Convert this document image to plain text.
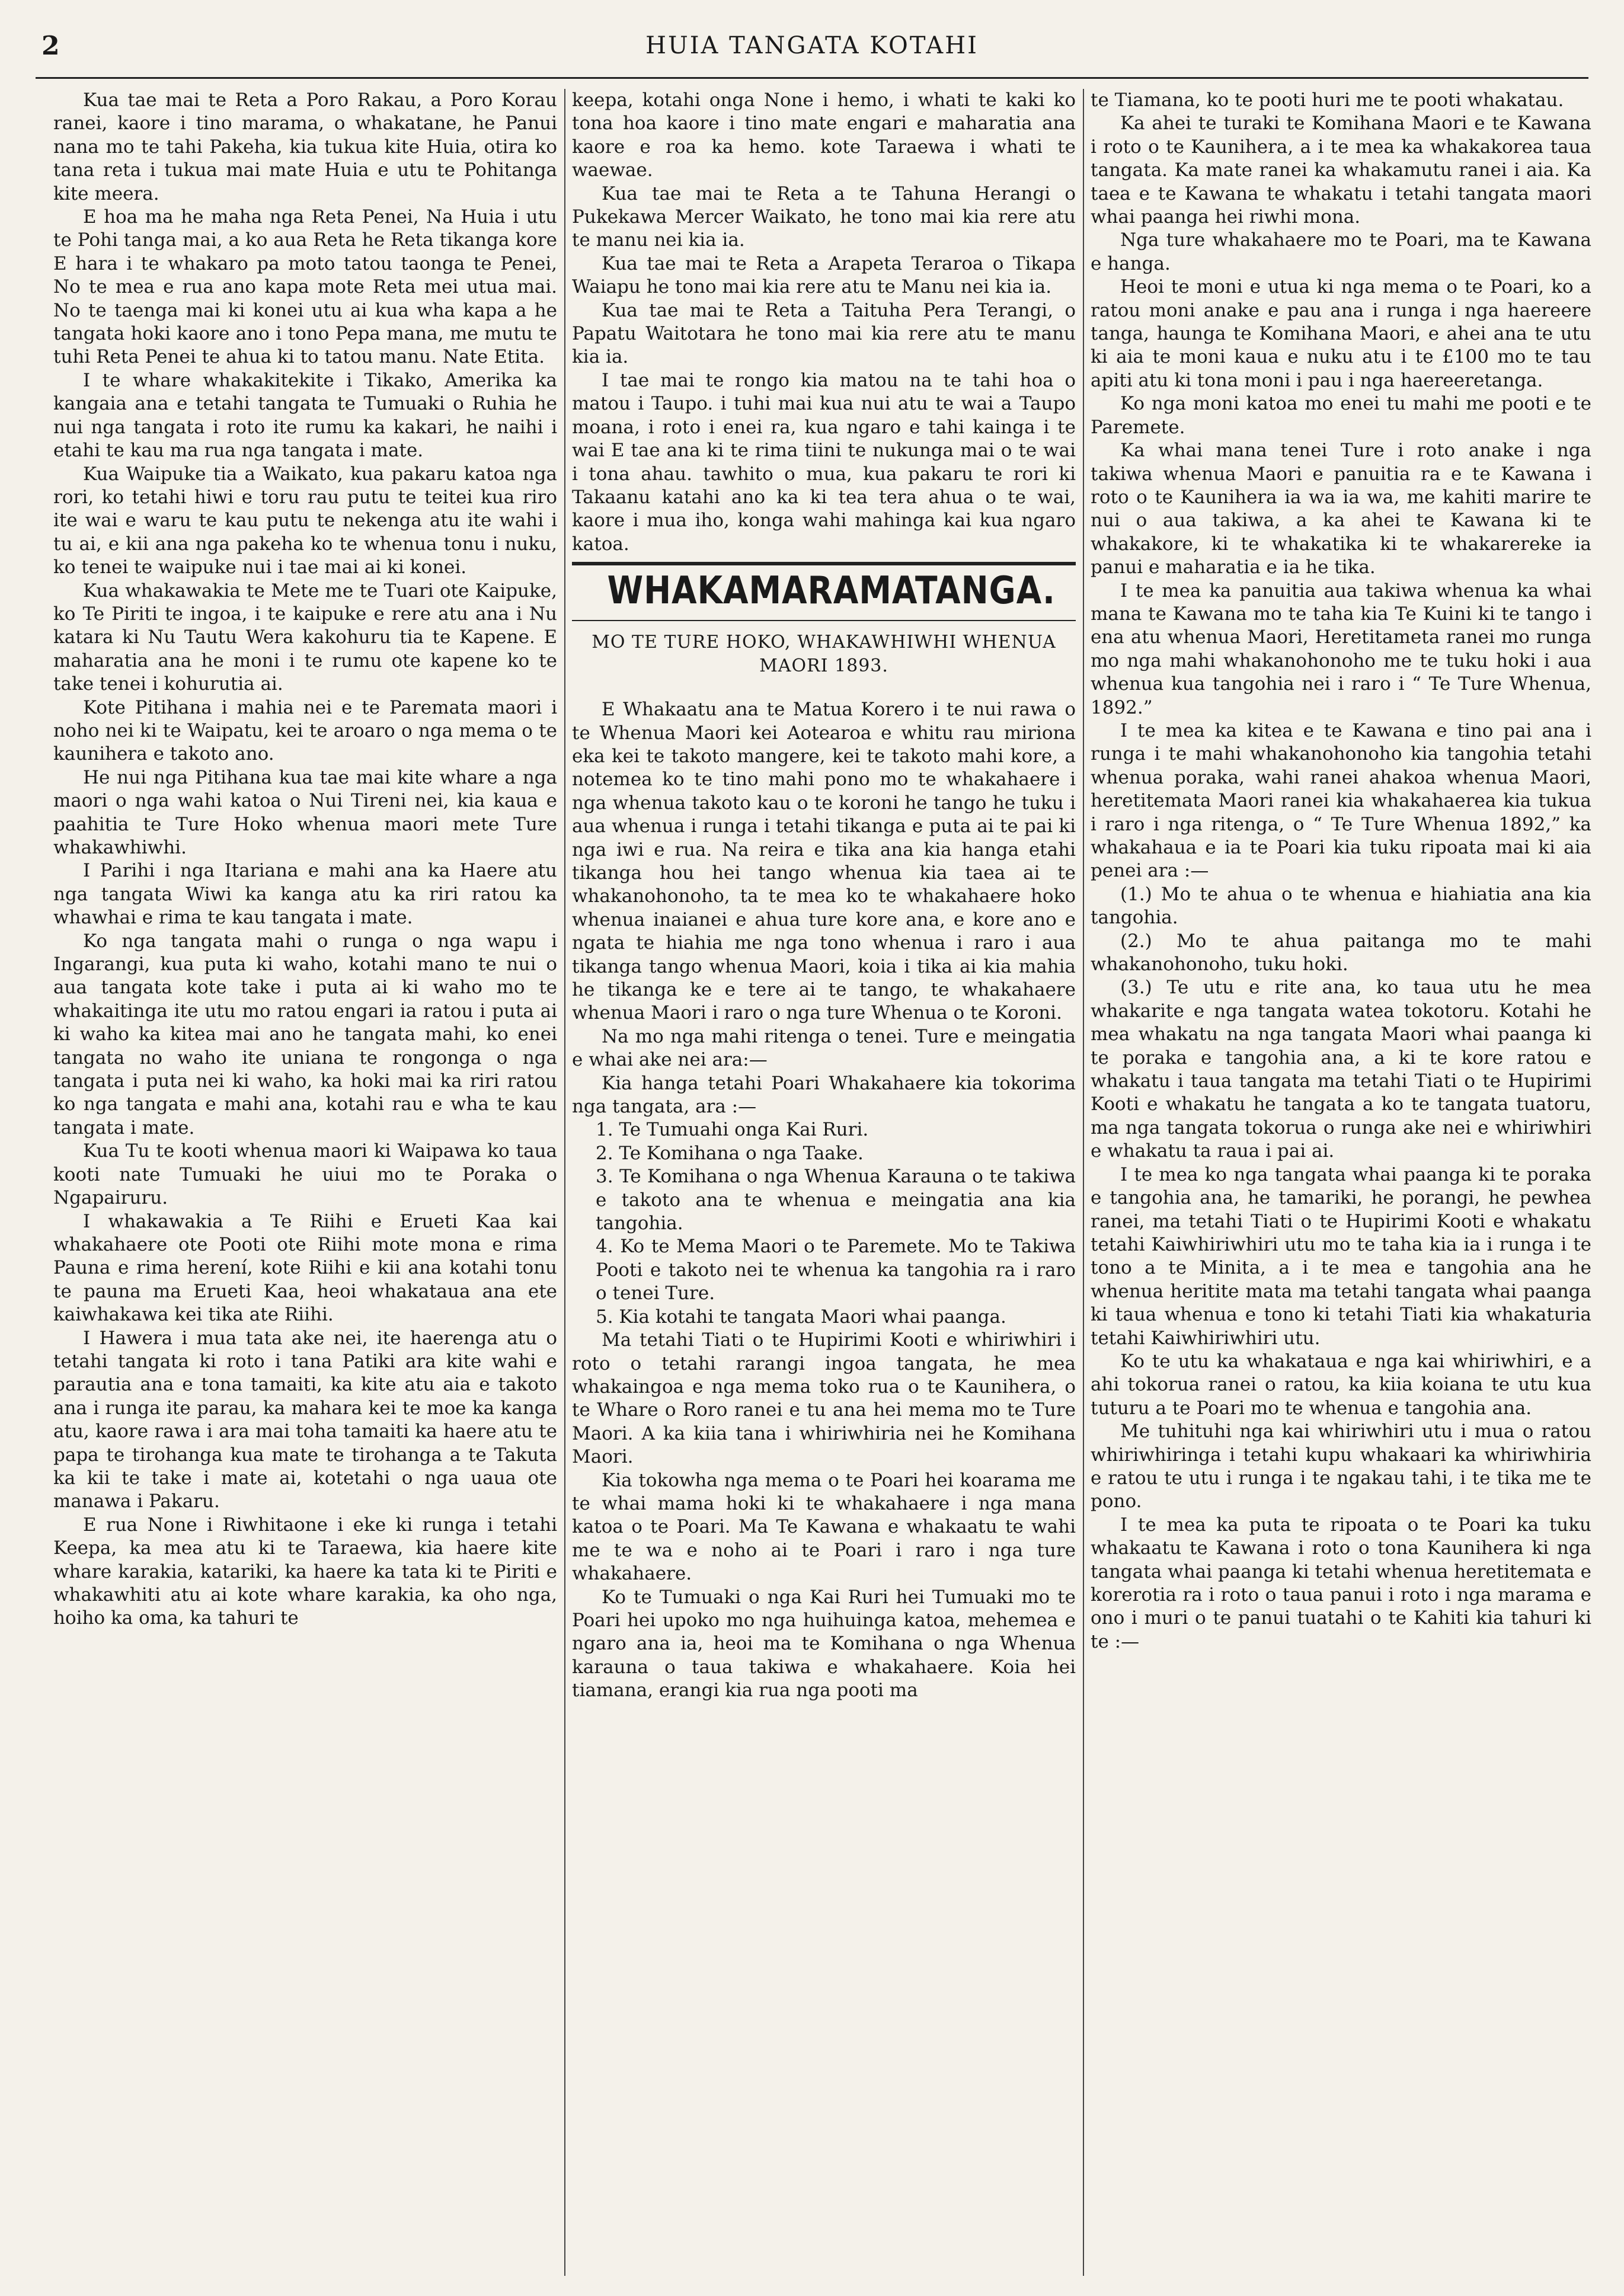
2	HUIA TANGATA KOTAHI

Kua tae mai te Reta a Poro Rakau, a Poro Korau ranei, kaore i tino marama, o whakatane, he Panui nana mo te tahi Pakeha, kia tukua kite Huia, otira ko tana reta i tukua mai mate Huia e utu te Pohitanga kite meera.

E hoa ma he maha nga Reta Penei, Na Huia i utu te Pohi tanga mai, a ko aua Reta he Reta tikanga kore E hara i te whakaro pa moto tatou taonga te Penei, No te mea e rua ano kapa mote Reta mei utua mai. No te taenga mai ki konei utu ai kua wha kapa a he tangata hoki kaore ano i tono Pepa mana, me mutu te tuhi Reta Penei te ahua ki to tatou manu. Nate Etita.

I te whare whakakitekite i Tikako, Amerika ka kangaia ana e tetahi tangata te Tumuaki o Ruhia he nui nga tangata i roto ite rumu ka kakari, he naihi i etahi te kau ma rua nga tangata i mate.

Kua Waipuke tia a Waikato, kua pakaru katoa nga rori, ko tetahi hiwi e toru rau putu te teitei kua riro ite wai e waru te kau putu te nekenga atu ite wahi i tu ai, e kii ana nga pakeha ko te whenua tonu i nuku, ko tenei te waipuke nui i tae mai ai ki konei.

Kua whakawakia te Mete me te Tuari ote Kaipuke, ko Te Piriti te ingoa, i te kaipuke e rere atu ana i Nu katara ki Nu Tautu Wera kakohuru tia te Kapene. E maharatia ana he moni i te rumu ote kapene ko te take tenei i kohurutia ai.

Kote Pitihana i mahia nei e te Paremata maori i noho nei ki te Waipatu, kei te aroaro o nga mema o te kaunihera e takoto ano.

He nui nga Pitihana kua tae mai kite whare a nga maori o nga wahi katoa o Nui Tireni nei, kia kaua e paahitia te Ture Hoko whenua maori mete Ture whakawhiwhi.

I Parihi i nga Itariana e mahi ana ka Haere atu nga tangata Wiwi ka kanga atu ka riri ratou ka whawhai e rima te kau tangata i mate.

Ko nga tangata mahi o runga o nga wapu i Ingarangi, kua puta ki waho, kotahi mano te nui o aua tangata kote take i puta ai ki waho mo te whakaitinga ite utu mo ratou engari ia ratou i puta ai ki waho ka kitea mai ano he tangata mahi, ko enei tangata no waho ite uniana te rongonga o nga tangata i puta nei ki waho, ka hoki mai ka riri ratou ko nga tangata e mahi ana, kotahi rau e wha te kau tangata i mate.

Kua Tu te kooti whenua maori ki Waipawa ko taua kooti nate Tumuaki he uiui mo te Poraka o Ngapairuru.

I whakawakia a Te Riihi e Erueti Kaa kai whakahaere ote Pooti ote Riihi mote mona e rima Pauna e rima herení, kote Riihi e kii ana kotahi tonu te pauna ma Erueti Kaa, heoi whakataua ana ete kaiwhakawa kei tika ate Riihi.

I Hawera i mua tata ake nei, ite haerenga atu o tetahi tangata ki roto i tana Patiki ara kite wahi e parautia ana e tona tamaiti, ka kite atu aia e takoto ana i runga ite parau, ka mahara kei te moe ka kanga atu, kaore rawa i ara mai toha tamaiti ka haere atu te papa te tirohanga kua mate te tirohanga a te Takuta ka kii te take i mate ai, kotetahi o nga uaua ote manawa i Pakaru.

E rua None i Riwhitaone i eke ki runga i tetahi Keepa, ka mea atu ki te Taraewa, kia haere kite whare karakia, katariki, ka haere ka tata ki te Piriti e whakawhiti atu ai kote whare karakia, ka oho nga, hoiho ka oma, ka tahuri te

keepa, kotahi onga None i hemo, i whati te kaki ko tona hoa kaore i tino mate engari e maharatia ana kaore e roa ka hemo. kote Taraewa i whati te waewae.

Kua tae mai te Reta a te Tahuna Herangi o Pukekawa Mercer Waikato, he tono mai kia rere atu te manu nei kia ia.

Kua tae mai te Reta a Arapeta Teraroa o Tikapa Waiapu he tono mai kia rere atu te Manu nei kia ia.

Kua tae mai te Reta a Taituha Pera Terangi, o Papatu Waitotara he tono mai kia rere atu te manu kia ia.

I tae mai te rongo kia matou na te tahi hoa o matou i Taupo. i tuhi mai kua nui atu te wai a Taupo moana, i roto i enei ra, kua ngaro e tahi kainga i te wai E tae ana ki te rima tiini te nukunga mai o te wai i tona ahau. tawhito o mua, kua pakaru te rori ki Takaanu katahi ano ka ki tea tera ahua o te wai, kaore i mua iho, konga wahi mahinga kai kua ngaro katoa.

WHAKAMARAMATANGA.
MO TE TURE HOKO, WHAKAWHIWHI WHENUA MAORI 1893.

E Whakaatu ana te Matua Korero i te nui rawa o te Whenua Maori kei Aotearoa e whitu rau miriona eka kei te takoto mangere, kei te takoto mahi kore, a notemea ko te tino mahi pono mo te whakahaere i nga whenua takoto kau o te koroni he tango he tuku i aua whenua i runga i tetahi tikanga e puta ai te pai ki nga iwi e rua. Na reira e tika ana kia hanga etahi tikanga hou hei tango whenua kia taea ai te whakanohonoho, ta te mea ko te whakahaere hoko whenua inaianei e ahua ture kore ana, e kore ano e ngata te hiahia me nga tono whenua i raro i aua tikanga tango whenua Maori, koia i tika ai kia mahia he tikanga ke e tere ai te tango, te whakahaere whenua Maori i raro o nga ture Whenua o te Koroni.

Na mo nga mahi ritenga o tenei. Ture e meingatia e whai ake nei ara:—

Kia hanga tetahi Poari Whakahaere kia tokorima nga tangata, ara :—

1. Te Tumuahi onga Kai Ruri.

2. Te Komihana o nga Taake.

3. Te Komihana o nga Whenua Karauna o te takiwa e takoto ana te whenua e meingatia ana kia tangohia.

4. Ko te Mema Maori o te Paremete. Mo te Takiwa Pooti e takoto nei te whenua ka tangohia ra i raro o tenei Ture.

5. Kia kotahi te tangata Maori whai paanga.

Ma tetahi Tiati o te Hupirimi Kooti e whiriwhiri i roto o tetahi rarangi ingoa tangata, he mea whakaingoa e nga mema toko rua o te Kaunihera, o te Whare o Roro ranei e tu ana hei mema mo te Ture Maori. A ka kiia tana i whiriwhiria nei he Komihana Maori.

Kia tokowha nga mema o te Poari hei koarama me te whai mama hoki ki te whakahaere i nga mana katoa o te Poari. Ma Te Kawana e whakaatu te wahi me te wa e noho ai te Poari i raro i nga ture whakahaere.

Ko te Tumuaki o nga Kai Ruri hei Tumuaki mo te Poari hei upoko mo nga huihuinga katoa, mehemea e ngaro ana ia, heoi ma te Komihana o nga Whenua karauna o taua takiwa e whakahaere. Koia hei tiamana, erangi kia rua nga pooti ma

te Tiamana, ko te pooti huri me te pooti whakatau.

Ka ahei te turaki te Komihana Maori e te Kawana i roto o te Kaunihera, a i te mea ka whakakorea taua tangata. Ka mate ranei ka whakamutu ranei i aia. Ka taea e te Kawana te whakatu i tetahi tangata maori whai paanga hei riwhi mona.

Nga ture whakahaere mo te Poari, ma te Kawana e hanga.

Heoi te moni e utua ki nga mema o te Poari, ko a ratou moni anake e pau ana i runga i nga haereere tanga, haunga te Komihana Maori, e ahei ana te utu ki aia te moni kaua e nuku atu i te £100 mo te tau apiti atu ki tona moni i pau i nga haereeretanga.

Ko nga moni katoa mo enei tu mahi me pooti e te Paremete.

Ka whai mana tenei Ture i roto anake i nga takiwa whenua Maori e panuitia ra e te Kawana i roto o te Kaunihera ia wa ia wa, me kahiti marire te nui o aua takiwa, a ka ahei te Kawana ki te whakakore, ki te whakatika ki te whakarereke ia panui e maharatia e ia he tika.

I te mea ka panuitia aua takiwa whenua ka whai mana te Kawana mo te taha kia Te Kuini ki te tango i ena atu whenua Maori, Heretitameta ranei mo runga mo nga mahi whakanohonoho me te tuku hoki i aua whenua kua tangohia nei i raro i “ Te Ture Whenua, 1892.”

I te mea ka kitea e te Kawana e tino pai ana i runga i te mahi whakanohonoho kia tangohia tetahi whenua poraka, wahi ranei ahakoa whenua Maori, heretitemata Maori ranei kia whakahaerea kia tukua i raro i nga ritenga, o “ Te Ture Whenua 1892,” ka whakahaua e ia te Poari kia tuku ripoata mai ki aia penei ara :—

(1.) Mo te ahua o te whenua e hiahiatia ana kia tangohia.

(2.) Mo te ahua paitanga mo te mahi whakanohonoho, tuku hoki.

(3.) Te utu e rite ana, ko taua utu he mea whakarite e nga tangata watea tokotoru. Kotahi he mea whakatu na nga tangata Maori whai paanga ki te poraka e tangohia ana, a ki te kore ratou e whakatu i taua tangata ma tetahi Tiati o te Hupirimi Kooti e whakatu he tangata a ko te tangata tuatoru, ma nga tangata tokorua o runga ake nei e whiriwhiri e whakatu ta raua i pai ai.

I te mea ko nga tangata whai paanga ki te poraka e tangohia ana, he tamariki, he porangi, he pewhea ranei, ma tetahi Tiati o te Hupirimi Kooti e whakatu tetahi Kaiwhiriwhiri utu mo te taha kia ia i runga i te tono a te Minita, a i te mea e tangohia ana he whenua heritite mata ma tetahi tangata whai paanga ki taua whenua e tono ki tetahi Tiati kia whakaturia tetahi Kaiwhiriwhiri utu.

Ko te utu ka whakataua e nga kai whiriwhiri, e a ahi tokorua ranei o ratou, ka kiia koiana te utu kua tuturu a te Poari mo te whenua e tangohia ana.

Me tuhituhi nga kai whiriwhiri utu i mua o ratou whiriwhiringa i tetahi kupu whakaari ka whiriwhiria e ratou te utu i runga i te ngakau tahi, i te tika me te pono.

I te mea ka puta te ripoata o te Poari ka tuku whakaatu te Kawana i roto o tona Kaunihera ki nga tangata whai paanga ki tetahi whenua heretitemata e korerotia ra i roto o taua panui i roto i nga marama e ono i muri o te panui tuatahi o te Kahiti kia tahuri ki te :—
